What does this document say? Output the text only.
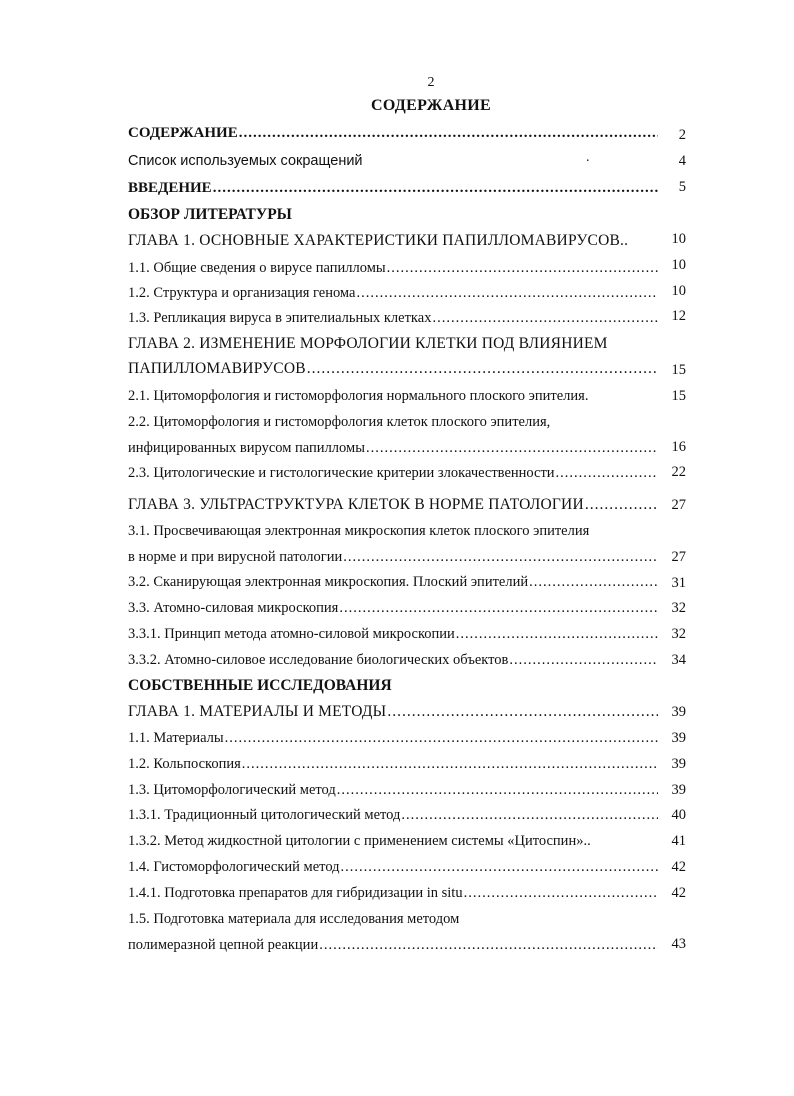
2
СОДЕРЖАНИЕ
СОДЕРЖАНИЕ .....	2
Список используемых сокращений	.	4
ВВЕДЕНИЕ .....	5
ОБЗОР ЛИТЕРАТУРЫ
ГЛАВА 1. ОСНОВНЫЕ ХАРАКТЕРИСТИКИ ПАПИЛЛОМАВИРУСОВ..	10
1.1. Общие сведения о вирусе папилломы .....	10
1.2. Структура и организация генома .....	10
1.3. Репликация вируса в эпителиальных клетках .....	12
ГЛАВА 2. ИЗМЕНЕНИЕ МОРФОЛОГИИ КЛЕТКИ ПОД ВЛИЯНИЕМ
ПАПИЛЛОМАВИРУСОВ .....	15
2.1. Цитоморфология и гистоморфология нормального плоского эпителия.	15
2.2. Цитоморфология и гистоморфология клеток плоского эпителия,
инфицированных вирусом папилломы .....	16
2.3. Цитологические и гистологические критерии злокачественности .....	22
ГЛАВА 3. УЛЬТРАСТРУКТУРА КЛЕТОК В НОРМЕ ПАТОЛОГИИ .....	27
3.1. Просвечивающая электронная микроскопия клеток плоского эпителия
в норме и при вирусной патологии .....	27
3.2. Сканирующая электронная микроскопия. Плоский эпителий .....	31
3.3. Атомно-силовая микроскопия .....	32
3.3.1. Принцип метода атомно-силовой микроскопии .....	32
3.3.2. Атомно-силовое исследование биологических объектов .....	34
СОБСТВЕННЫЕ ИССЛЕДОВАНИЯ
ГЛАВА 1. МАТЕРИАЛЫ И МЕТОДЫ .....	39
1.1. Материалы .....	39
1.2. Кольпоскопия .....	39
1.3. Цитоморфологический метод .....	39
1.3.1. Традиционный цитологический метод .....	40
1.3.2. Метод жидкостной цитологии с применением системы «Цитоспин»..	41
1.4. Гистоморфологический метод .....	42
1.4.1. Подготовка препаратов для гибридизации in situ .....	42
1.5. Подготовка материала для исследования методом
полимеразной цепной реакции .....	43
